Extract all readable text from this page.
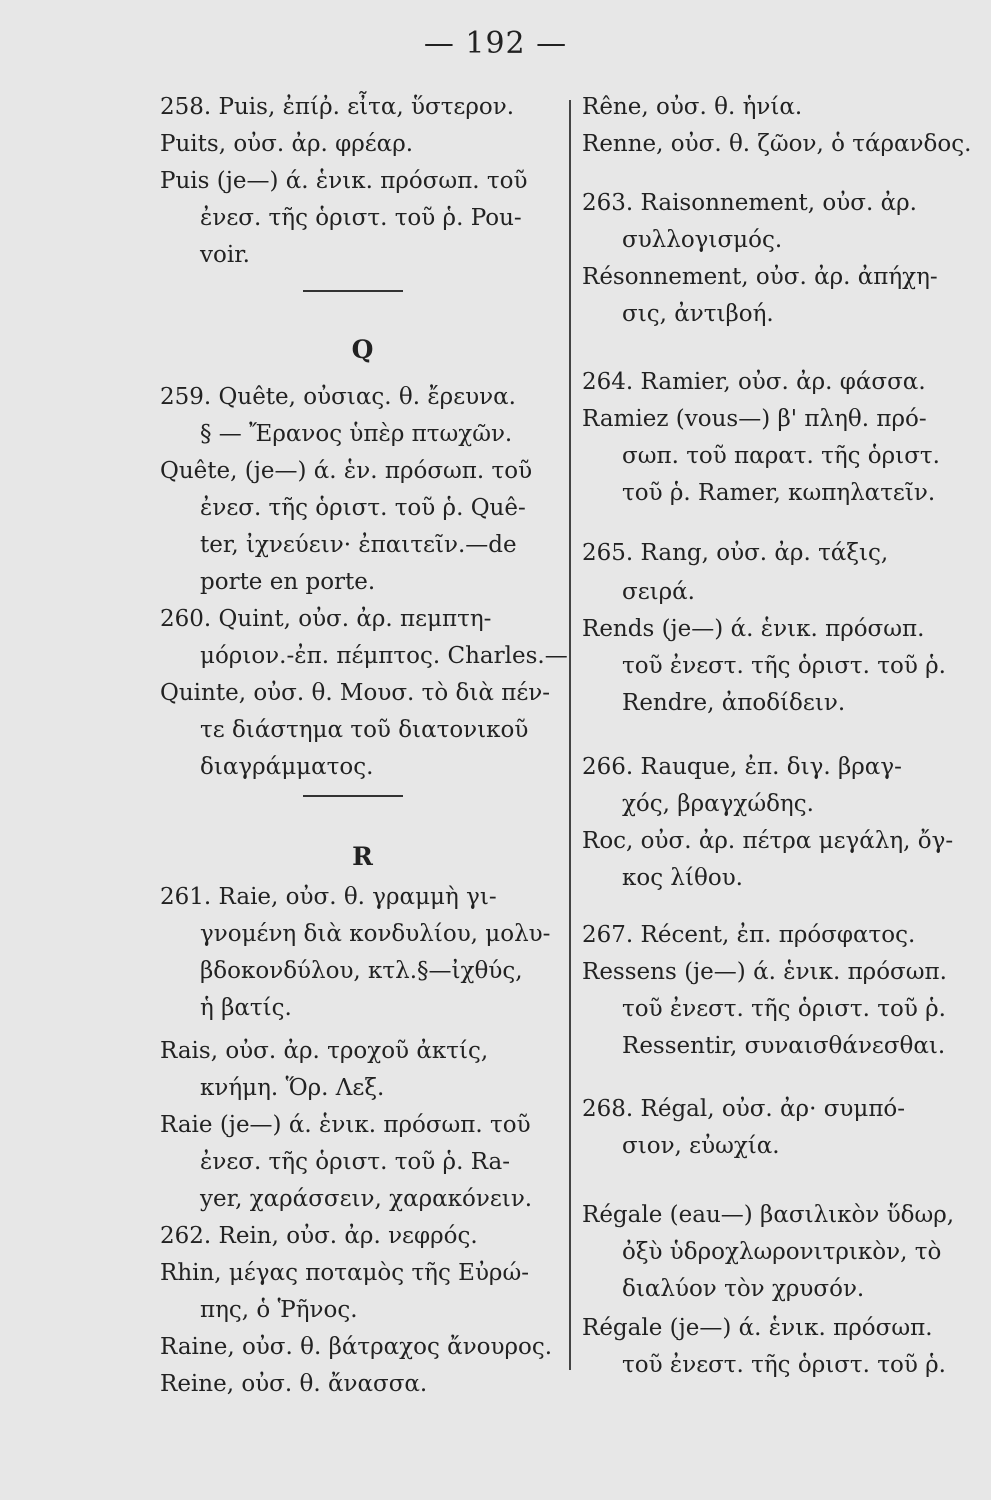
— 192 —
258. Puis, ἐπίῤ. εἶτα, ὕστερον.
Puits, οὐσ. ἀρ. φρέαρ.
Puis (je—) ά. ἑνικ. πρόσωπ. τοῦ
ἐνεσ. τῆς ὁριστ. τοῦ ῥ. Pou-
voir.
Q
259. Quête, οὐσιας. θ. ἔρευνα.
§ — Ἔρανος ὑπὲρ πτωχῶν.
Quête, (je—) ά. ἑν. πρόσωπ. τοῦ
ἐνεσ. τῆς ὁριστ. τοῦ ῥ. Quê-
ter, ἰχνεύειν· ἐπαιτεῖν.—de
porte en porte.
260. Quint, οὐσ. ἀρ. πεμπτη-
μόριον.-ἐπ. πέμπτος. Charles.—
Quinte, οὐσ. θ. Μουσ. τὸ διὰ πέν-
τε διάστημα τοῦ διατονικοῦ
διαγράμματος.
R
261. Raie, οὐσ. θ. γραμμὴ γι-
γνομένη διὰ κονδυλίου, μολυ-
βδοκονδύλου, κτλ.§—ἰχθύς,
ἡ βατίς.
Rais, οὐσ. ἀρ. τροχοῦ ἀκτίς,
κνήμη. Ὅρ. Λεξ.
Raie (je—) ά. ἑνικ. πρόσωπ. τοῦ
ἐνεσ. τῆς ὁριστ. τοῦ ῥ. Ra-
yer, χαράσσειν, χαρακόνειν.
262. Rein, οὐσ. ἀρ. νεφρός.
Rhin, μέγας ποταμὸς τῆς Εὐρώ-
πης, ὁ Ῥῆνος.
Raine, οὐσ. θ. βάτραχος ἄνουρος.
Reine, οὐσ. θ. ἄνασσα.
Rêne, οὐσ. θ. ἡνία.
Renne, οὐσ. θ. ζῶον, ὁ τάρανδος.
263. Raisonnement, οὐσ. ἀρ.
συλλογισμός.
Résonnement, οὐσ. ἀρ. ἀπήχη-
σις, ἀντιβοή.
264. Ramier, οὐσ. ἀρ. φάσσα.
Ramiez (vous—) β' πληθ. πρό-
σωπ. τοῦ παρατ. τῆς ὁριστ.
τοῦ ῥ. Ramer, κωπηλατεῖν.
265. Rang, οὐσ. ἀρ. τάξις,
σειρά.
Rends (je—) ά. ἑνικ. πρόσωπ.
τοῦ ἐνεστ. τῆς ὁριστ. τοῦ ῥ.
Rendre, ἀποδίδειν.
266. Rauque, ἐπ. διγ. βραγ-
χός, βραγχώδης.
Roc, οὐσ. ἀρ. πέτρα μεγάλη, ὄγ-
κος λίθου.
267. Récent, ἐπ. πρόσφατος.
Ressens (je—) ά. ἑνικ. πρόσωπ.
τοῦ ἐνεστ. τῆς ὁριστ. τοῦ ῥ.
Ressentir, συναισθάνεσθαι.
268. Régal, οὐσ. ἀρ· συμπό-
σιον, εὐωχία.
Régale (eau—) βασιλικὸν ὕδωρ,
ὀξὺ ὑδροχλωρονιτρικὸν, τὸ
διαλύον τὸν χρυσόν.
Régale (je—) ά. ἑνικ. πρόσωπ.
τοῦ ἐνεστ. τῆς ὁριστ. τοῦ ῥ.
